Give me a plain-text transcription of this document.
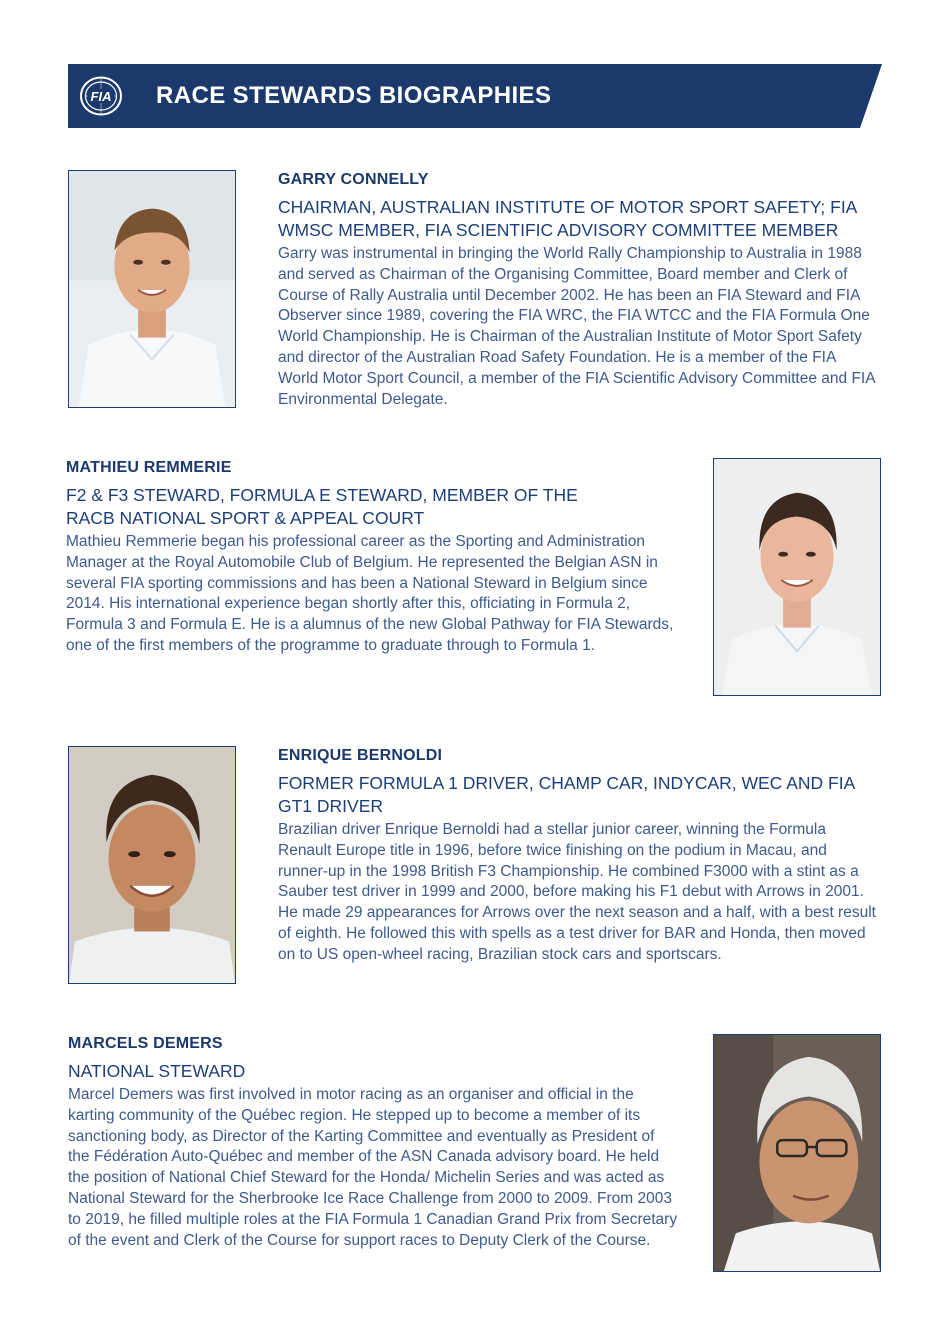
FIA RACE STEWARDS BIOGRAPHIES
GARRY CONNELLY
CHAIRMAN, AUSTRALIAN INSTITUTE OF MOTOR SPORT SAFETY; FIA WMSC MEMBER, FIA SCIENTIFIC ADVISORY COMMITTEE MEMBER

Garry was instrumental in bringing the World Rally Championship to Australia in 1988 and served as Chairman of the Organising Committee, Board member and Clerk of Course of Rally Australia until December 2002. He has been an FIA Steward and FIA Observer since 1989, covering the FIA WRC, the FIA WTCC and the FIA Formula One World Championship. He is Chairman of the Australian Institute of Motor Sport Safety and director of the Australian Road Safety Foundation. He is a member of the FIA World Motor Sport Council, a member of the FIA Scientific Advisory Committee and FIA Environmental Delegate.

MATHIEU REMMERIE
F2 & F3 STEWARD, FORMULA E STEWARD, MEMBER OF THE RACB NATIONAL SPORT & APPEAL COURT

Mathieu Remmerie began his professional career as the Sporting and Administration Manager at the Royal Automobile Club of Belgium. He represented the Belgian ASN in several FIA sporting commissions and has been a National Steward in Belgium since 2014. His international experience began shortly after this, officiating in Formula 2, Formula 3 and Formula E. He is a alumnus of the new Global Pathway for FIA Stewards, one of the first members of the programme to graduate through to Formula 1.

ENRIQUE BERNOLDI
FORMER FORMULA 1 DRIVER, CHAMP CAR, INDYCAR, WEC AND FIA GT1 DRIVER

Brazilian driver Enrique Bernoldi had a stellar junior career, winning the Formula Renault Europe title in 1996, before twice finishing on the podium in Macau, and runner-up in the 1998 British F3 Championship. He combined F3000 with a stint as a Sauber test driver in 1999 and 2000, before making his F1 debut with Arrows in 2001. He made 29 appearances for Arrows over the next season and a half, with a best result of eighth. He followed this with spells as a test driver for BAR and Honda, then moved on to US open-wheel racing, Brazilian stock cars and sportscars.

MARCELS DEMERS
NATIONAL STEWARD

Marcel Demers was first involved in motor racing as an organiser and official in the karting community of the Québec region. He stepped up to become a member of its sanctioning body, as Director of the Karting Committee and eventually as President of the Fédération Auto-Québec and member of the ASN Canada advisory board. He held the position of National Chief Steward for the Honda/ Michelin Series and was acted as National Steward for the Sherbrooke Ice Race Challenge from 2000 to 2009. From 2003 to 2019, he filled multiple roles at the FIA Formula 1 Canadian Grand Prix from Secretary of the event and Clerk of the Course for support races to Deputy Clerk of the Course.
